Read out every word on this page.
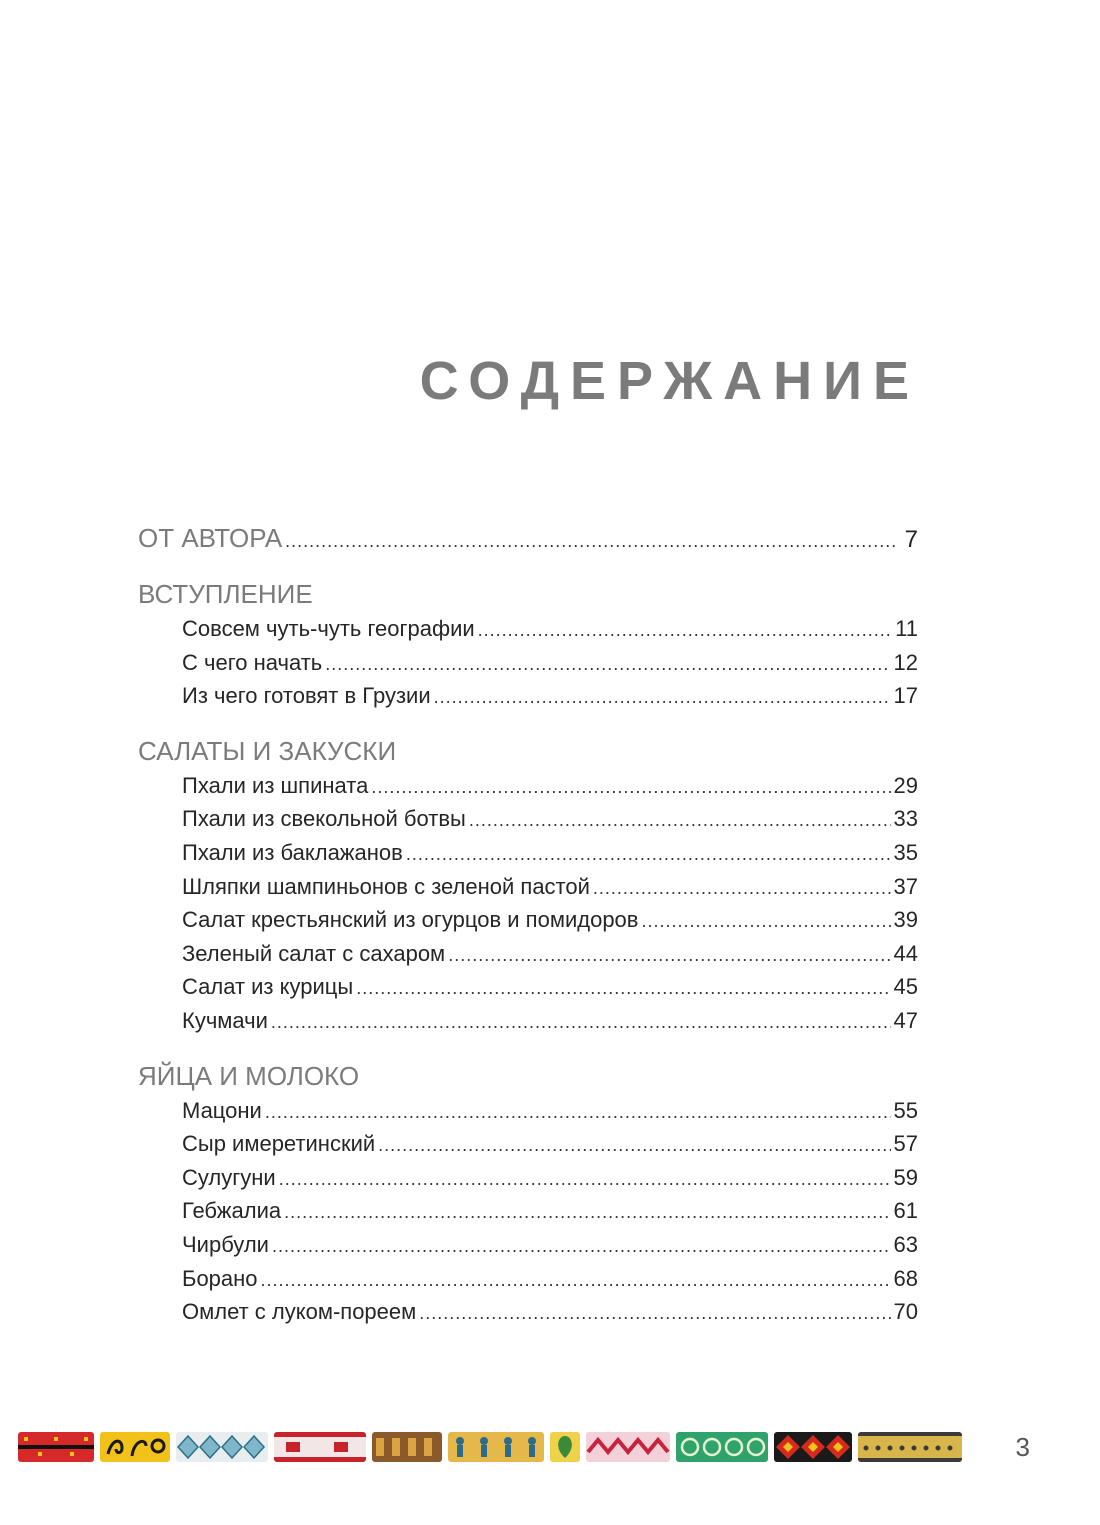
СОДЕРЖАНИЕ
ОТ АВТОРА .....	7
ВСТУПЛЕНИЕ
Совсем чуть-чуть географии .....	11
С чего начать .....	12
Из чего готовят в Грузии .....	17
САЛАТЫ И ЗАКУСКИ
Пхали из шпината .....	29
Пхали из свекольной ботвы .....	33
Пхали из баклажанов .....	35
Шляпки шампиньонов с зеленой пастой .....	37
Салат крестьянский из огурцов и помидоров .....	39
Зеленый салат с сахаром .....	44
Салат из курицы .....	45
Кучмачи .....	47
ЯЙЦА И МОЛОКО
Мацони .....	55
Сыр имеретинский .....	57
Сулугуни .....	59
Гебжалиа .....	61
Чирбули .....	63
Борано .....	68
Омлет с луком-пореем .....	70
3
